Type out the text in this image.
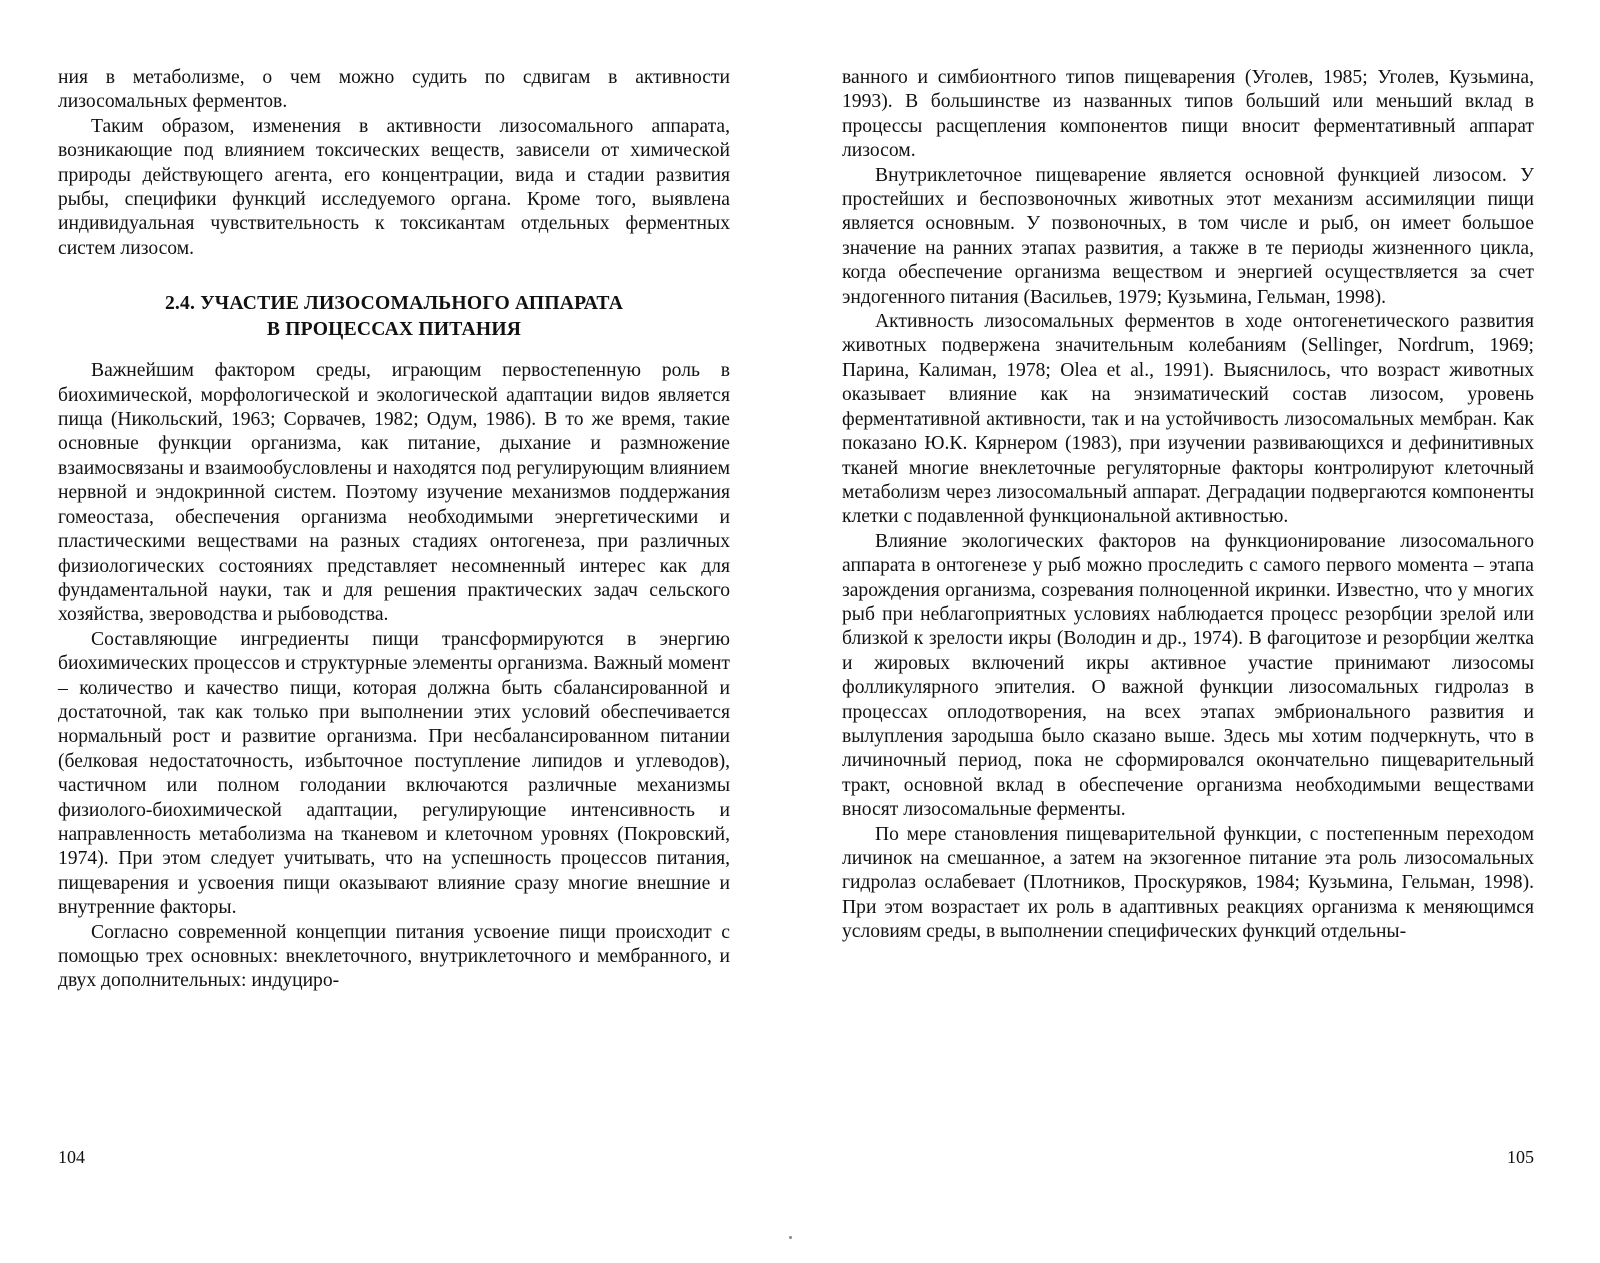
ния в метаболизме, о чем можно судить по сдвигам в активности лизосомальных ферментов.

Таким образом, изменения в активности лизосомального аппарата, возникающие под влиянием токсических веществ, зависели от химической природы действующего агента, его концентрации, вида и стадии развития рыбы, специфики функций исследуемого органа. Кроме того, выявлена индивидуальная чувствительность к токсикантам отдельных ферментных систем лизосом.

2.4. УЧАСТИЕ ЛИЗОСОМАЛЬНОГО АППАРАТА
В ПРОЦЕССАХ ПИТАНИЯ

Важнейшим фактором среды, играющим первостепенную роль в биохимической, морфологической и экологической адаптации видов является пища (Никольский, 1963; Сорвачев, 1982; Одум, 1986). В то же время, такие основные функции организма, как питание, дыхание и размножение взаимосвязаны и взаимообусловлены и находятся под регулирующим влиянием нервной и эндокринной систем. Поэтому изучение механизмов поддержания гомеостаза, обеспечения организма необходимыми энергетическими и пластическими веществами на разных стадиях онтогенеза, при различных физиологических состояниях представляет несомненный интерес как для фундаментальной науки, так и для решения практических задач сельского хозяйства, звероводства и рыбоводства.

Составляющие ингредиенты пищи трансформируются в энергию биохимических процессов и структурные элементы организма. Важный момент – количество и качество пищи, которая должна быть сбалансированной и достаточной, так как только при выполнении этих условий обеспечивается нормальный рост и развитие организма. При несбалансированном питании (белковая недостаточность, избыточное поступление липидов и углеводов), частичном или полном голодании включаются различные механизмы физиолого-биохимической адаптации, регулирующие интенсивность и направленность метаболизма на тканевом и клеточном уровнях (Покровский, 1974). При этом следует учитывать, что на успешность процессов питания, пищеварения и усвоения пищи оказывают влияние сразу многие внешние и внутренние факторы.

Согласно современной концепции питания усвоение пищи происходит с помощью трех основных: внеклеточного, внутриклеточного и мембранного, и двух дополнительных: индуциро-

104

ванного и симбионтного типов пищеварения (Уголев, 1985; Уголев, Кузьмина, 1993). В большинстве из названных типов больший или меньший вклад в процессы расщепления компонентов пищи вносит ферментативный аппарат лизосом.

Внутриклеточное пищеварение является основной функцией лизосом. У простейших и беспозвоночных животных этот механизм ассимиляции пищи является основным. У позвоночных, в том числе и рыб, он имеет большое значение на ранних этапах развития, а также в те периоды жизненного цикла, когда обеспечение организма веществом и энергией осуществляется за счет эндогенного питания (Васильев, 1979; Кузьмина, Гельман, 1998).

Активность лизосомальных ферментов в ходе онтогенетического развития животных подвержена значительным колебаниям (Sellinger, Nordrum, 1969; Парина, Калиман, 1978; Olea et al., 1991). Выяснилось, что возраст животных оказывает влияние как на энзиматический состав лизосом, уровень ферментативной активности, так и на устойчивость лизосомальных мембран. Как показано Ю.К. Кярнером (1983), при изучении развивающихся и дефинитивных тканей многие внеклеточные регуляторные факторы контролируют клеточный метаболизм через лизосомальный аппарат. Деградации подвергаются компоненты клетки с подавленной функциональной активностью.

Влияние экологических факторов на функционирование лизосомального аппарата в онтогенезе у рыб можно проследить с самого первого момента – этапа зарождения организма, созревания полноценной икринки. Известно, что у многих рыб при неблагоприятных условиях наблюдается процесс резорбции зрелой или близкой к зрелости икры (Володин и др., 1974). В фагоцитозе и резорбции желтка и жировых включений икры активное участие принимают лизосомы фолликулярного эпителия. О важной функции лизосомальных гидролаз в процессах оплодотворения, на всех этапах эмбрионального развития и вылупления зародыша было сказано выше. Здесь мы хотим подчеркнуть, что в личиночный период, пока не сформировался окончательно пищеварительный тракт, основной вклад в обеспечение организма необходимыми веществами вносят лизосомальные ферменты.

По мере становления пищеварительной функции, с постепенным переходом личинок на смешанное, а затем на экзогенное питание эта роль лизосомальных гидролаз ослабевает (Плотников, Проскуряков, 1984; Кузьмина, Гельман, 1998). При этом возрастает их роль в адаптивных реакциях организма к меняющимся условиям среды, в выполнении специфических функций отдельны-

105
